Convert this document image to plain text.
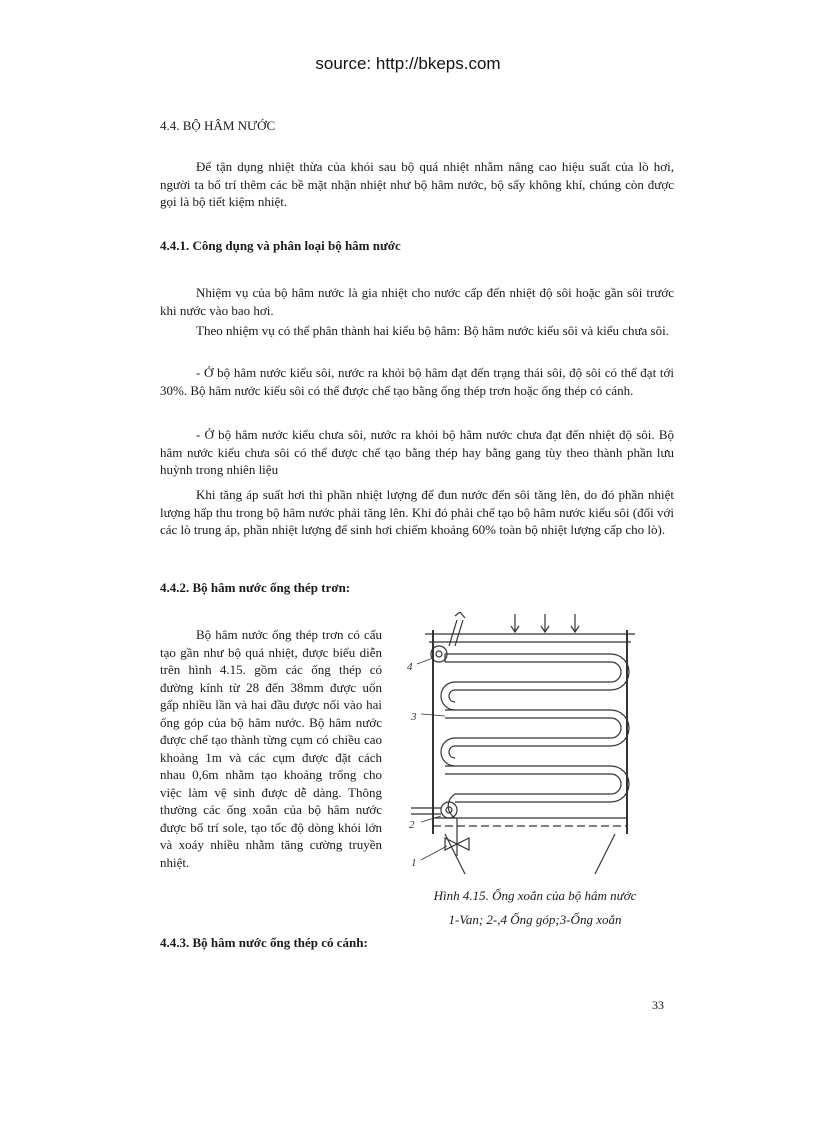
source: http://bkeps.com
4.4. BỘ HÂM NƯỚC

Để tận dụng nhiệt thừa của khói sau bộ quá nhiệt nhằm nâng cao hiệu suất của lò hơi, người ta bố trí thêm các bề mặt nhận nhiệt như bộ hâm nước, bộ sấy không khí, chúng còn được gọi là bộ tiết kiệm nhiệt.

4.4.1. Công dụng và phân loại bộ hâm nước

Nhiệm vụ của bộ hâm nước là gia nhiệt cho nước cấp đến nhiệt độ sôi hoặc gần sôi trước khi nước vào bao hơi.

Theo nhiệm vụ có thể phân thành hai kiểu bộ hâm: Bộ hâm nước kiểu sôi và kiểu chưa sôi.

- Ở bộ hâm nước kiểu sôi, nước ra khỏi bộ hâm đạt đến trạng thái sôi, độ sôi có thể đạt tới 30%. Bộ hâm nước kiểu sôi có thể được chế tạo bằng ống thép trơn hoặc ống thép có cánh.

- Ở bộ hâm nước kiểu chưa sôi, nước ra khỏi bộ hâm nước chưa đạt đến nhiệt độ sôi. Bộ hâm nước kiểu chưa sôi có thể được chế tạo bằng thép hay bằng gang tùy theo thành phần lưu huỳnh trong nhiên liệu

Khi tăng áp suất hơi thì phần nhiệt lượng để đun nước đến sôi tăng lên, do đó phần nhiệt lượng hấp thu trong bộ hâm nước phải tăng lên. Khi đó phải chế tạo bộ hâm nước kiểu sôi (đối với các lò trung áp, phần nhiệt lượng để sinh hơi chiếm khoảng 60% toàn bộ nhiệt lượng cấp cho lò).

4.4.2. Bộ hâm nước ống thép trơn:

Bộ hâm nước ống thép trơn có cấu tạo gần như bộ quá nhiệt, được biểu diễn trên hình 4.15. gồm các ống thép có đường kính từ 28 đến 38mm được uốn gấp nhiều lần và hai đầu được nối vào hai ống góp của bộ hâm nước. Bộ hâm nước được chế tạo thành từng cụm có chiều cao khoảng 1m và các cụm được đặt cách nhau 0,6m nhằm tạo khoảng trống cho việc làm vệ sinh được dễ dàng. Thông thường các ống xoắn của bộ hâm nước được bố trí sole, tạo tốc độ dòng khói lớn và xoáy nhiều nhằm tăng cường truyền nhiệt.

4
3
2
1
Hình 4.15. Ống xoắn của bộ hâm nước
1-Van; 2-,4 Ống góp;3-Ống xoắn

4.4.3. Bộ hâm nước ống thép có cánh:

33
